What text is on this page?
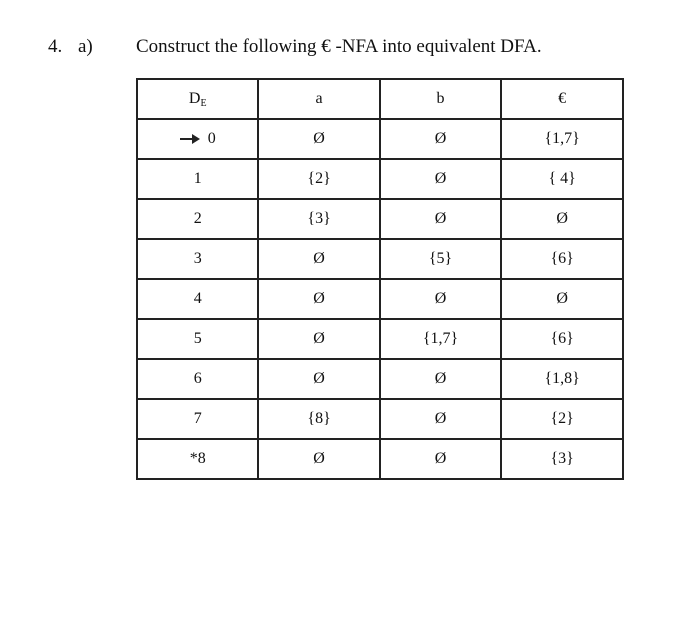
4. a) Construct the following € -NFA into equivalent DFA.
$D_E$	a	b	€
0	Ø	Ø	{1,7}
1	{2}	Ø	{ 4}
2	{3}	Ø	Ø
3	Ø	{5}	{6}
4	Ø	Ø	Ø
5	Ø	{1,7}	{6}
6	Ø	Ø	{1,8}
7	{8}	Ø	{2}
*8	Ø	Ø	{3}
